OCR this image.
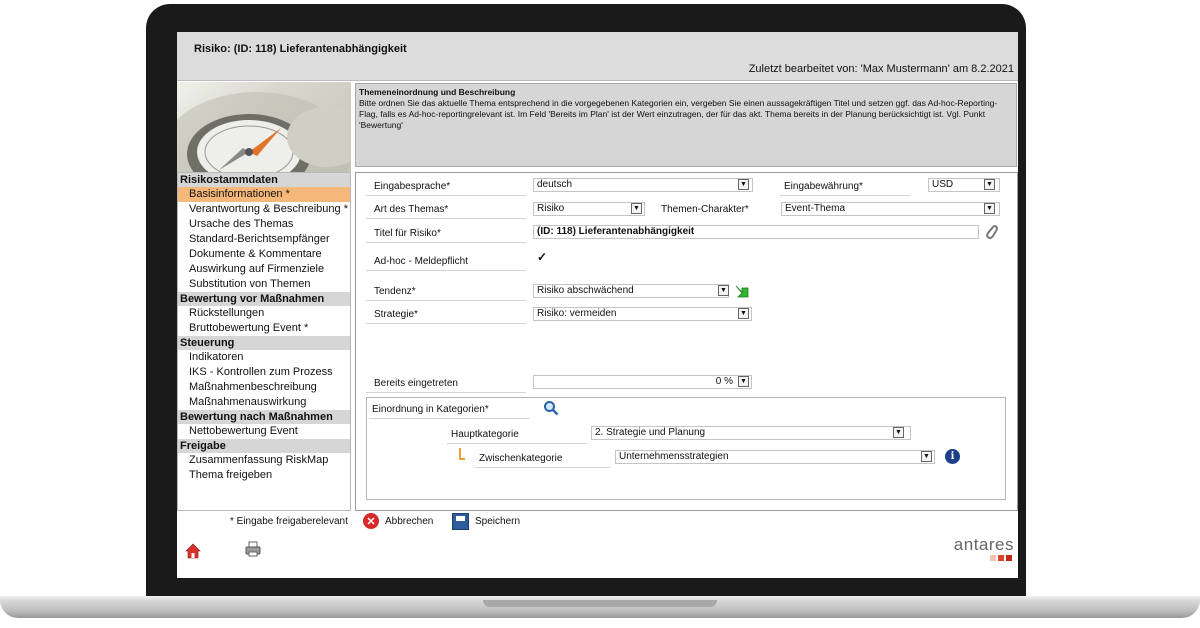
Risiko: (ID: 118) Lieferantenabhängigkeit
Zuletzt bearbeitet von: 'Max Mustermann' am 8.2.2021
Themeneinordnung und Beschreibung
Bitte ordnen Sie das aktuelle Thema entsprechend in die vorgegebenen Kategorien ein, vergeben Sie einen aussagekräftigen Titel und setzen ggf. das Ad-hoc-Reporting-Flag, falls es Ad-hoc-reportingrelevant ist. Im Feld 'Bereits im Plan' ist der Wert einzutragen, der für das akt. Thema bereits in der Planung berücksichtigt ist. Vgl. Punkt 'Bewertung'
Risikostammdaten
Basisinformationen *
Verantwortung & Beschreibung *
Ursache des Themas
Standard-Berichtsempfänger
Dokumente & Kommentare
Auswirkung auf Firmenziele
Substitution von Themen
Bewertung vor Maßnahmen
Rückstellungen
Bruttobewertung Event *
Steuerung
Indikatoren
IKS - Kontrollen zum Prozess
Maßnahmenbeschreibung
Maßnahmenauswirkung
Bewertung nach Maßnahmen
Nettobewertung Event
Freigabe
Zusammenfassung RiskMap
Thema freigeben
Eingabesprache*	deutsch	▼	Eingabewährung*	USD	▼
Art des Themas*	Risiko	▼ Themen-Charakter*	Event-Thema	▼
Titel für Risiko*	(ID: 118) Lieferantenabhängigkeit
Ad-hoc - Meldepflicht	✓
Tendenz*	Risiko abschwächend	▼
Strategie*	Risiko: vermeiden	▼
Bereits eingetreten	0 %	▼
Einordnung in Kategorien*
Hauptkategorie	2. Strategie und Planung	▼
Zwischenkategorie	Unternehmensstrategien	▼	i
* Eingabe freigaberelevant	✕ Abbrechen	Speichern
antares
